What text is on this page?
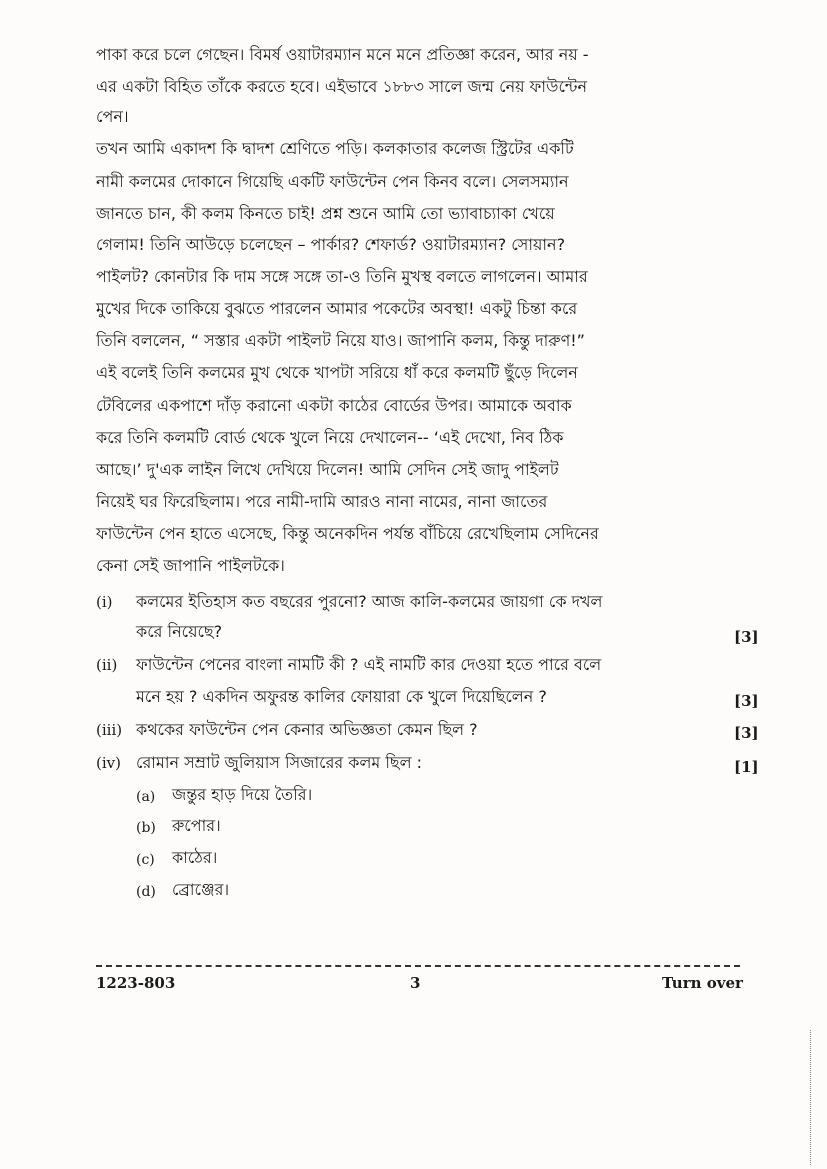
পাকা করে চলে গেছেন। বিমর্ষ ওয়াটারম্যান মনে মনে প্রতিজ্ঞা করেন, আর নয় -
এর একটা বিহিত তাঁকে করতে হবে। এইভাবে ১৮৮৩ সালে জন্ম নেয় ফাউন্টেন
পেন।
তখন আমি একাদশ কি দ্বাদশ শ্রেণিতে পড়ি। কলকাতার কলেজ স্ট্রিটের একটি
নামী কলমের দোকানে গিয়েছি একটি ফাউন্টেন পেন কিনব বলে। সেলসম্যান
জানতে চান, কী কলম কিনতে চাই! প্রশ্ন শুনে আমি তো ভ্যাবাচ্যাকা খেয়ে
গেলাম! তিনি আউড়ে চলেছেন – পার্কার? শেফার্ড? ওয়াটারম্যান? সোয়ান?
পাইলট? কোনটার কি দাম সঙ্গে সঙ্গে তা-ও তিনি মুখস্থ বলতে লাগলেন। আমার
মুখের দিকে তাকিয়ে বুঝতে পারলেন আমার পকেটের অবস্থা! একটু চিন্তা করে
তিনি বললেন, “ সস্তার একটা পাইলট নিয়ে যাও। জাপানি কলম, কিন্তু দারুণ!”
এই বলেই তিনি কলমের মুখ থেকে খাপটা সরিয়ে ধাঁ করে কলমটি ছুঁড়ে দিলেন
টেবিলের একপাশে দাঁড় করানো একটা কাঠের বোর্ডের উপর। আমাকে অবাক
করে তিনি কলমটি বোর্ড থেকে খুলে নিয়ে দেখালেন-- ‘এই দেখো, নিব ঠিক
আছে।’ দু'এক লাইন লিখে দেখিয়ে দিলেন! আমি সেদিন সেই জাদু পাইলট
নিয়েই ঘর ফিরেছিলাম। পরে নামী-দামি আরও নানা নামের, নানা জাতের
ফাউন্টেন পেন হাতে এসেছে, কিন্তু অনেকদিন পর্যন্ত বাঁচিয়ে রেখেছিলাম সেদিনের
কেনা সেই জাপানি পাইলটকে।
(i) কলমের ইতিহাস কত বছরের পুরনো? আজ কালি-কলমের জায়গা কে দখল
করে নিয়েছে?	[3]
(ii) ফাউন্টেন পেনের বাংলা নামটি কী ? এই নামটি কার দেওয়া হতে পারে বলে
মনে হয় ? একদিন অফুরন্ত কালির ফোয়ারা কে খুলে দিয়েছিলেন ?	[3]
(iii) কথকের ফাউন্টেন পেন কেনার অভিজ্ঞতা কেমন ছিল ?	[3]
(iv) রোমান সম্রাট জুলিয়াস সিজারের কলম ছিল :	[1]
(a) জন্তুর হাড় দিয়ে তৈরি।
(b) রুপোর।
(c) কাঠের।
(d) ব্রোঞ্জের।
1223-803	3	Turn over
